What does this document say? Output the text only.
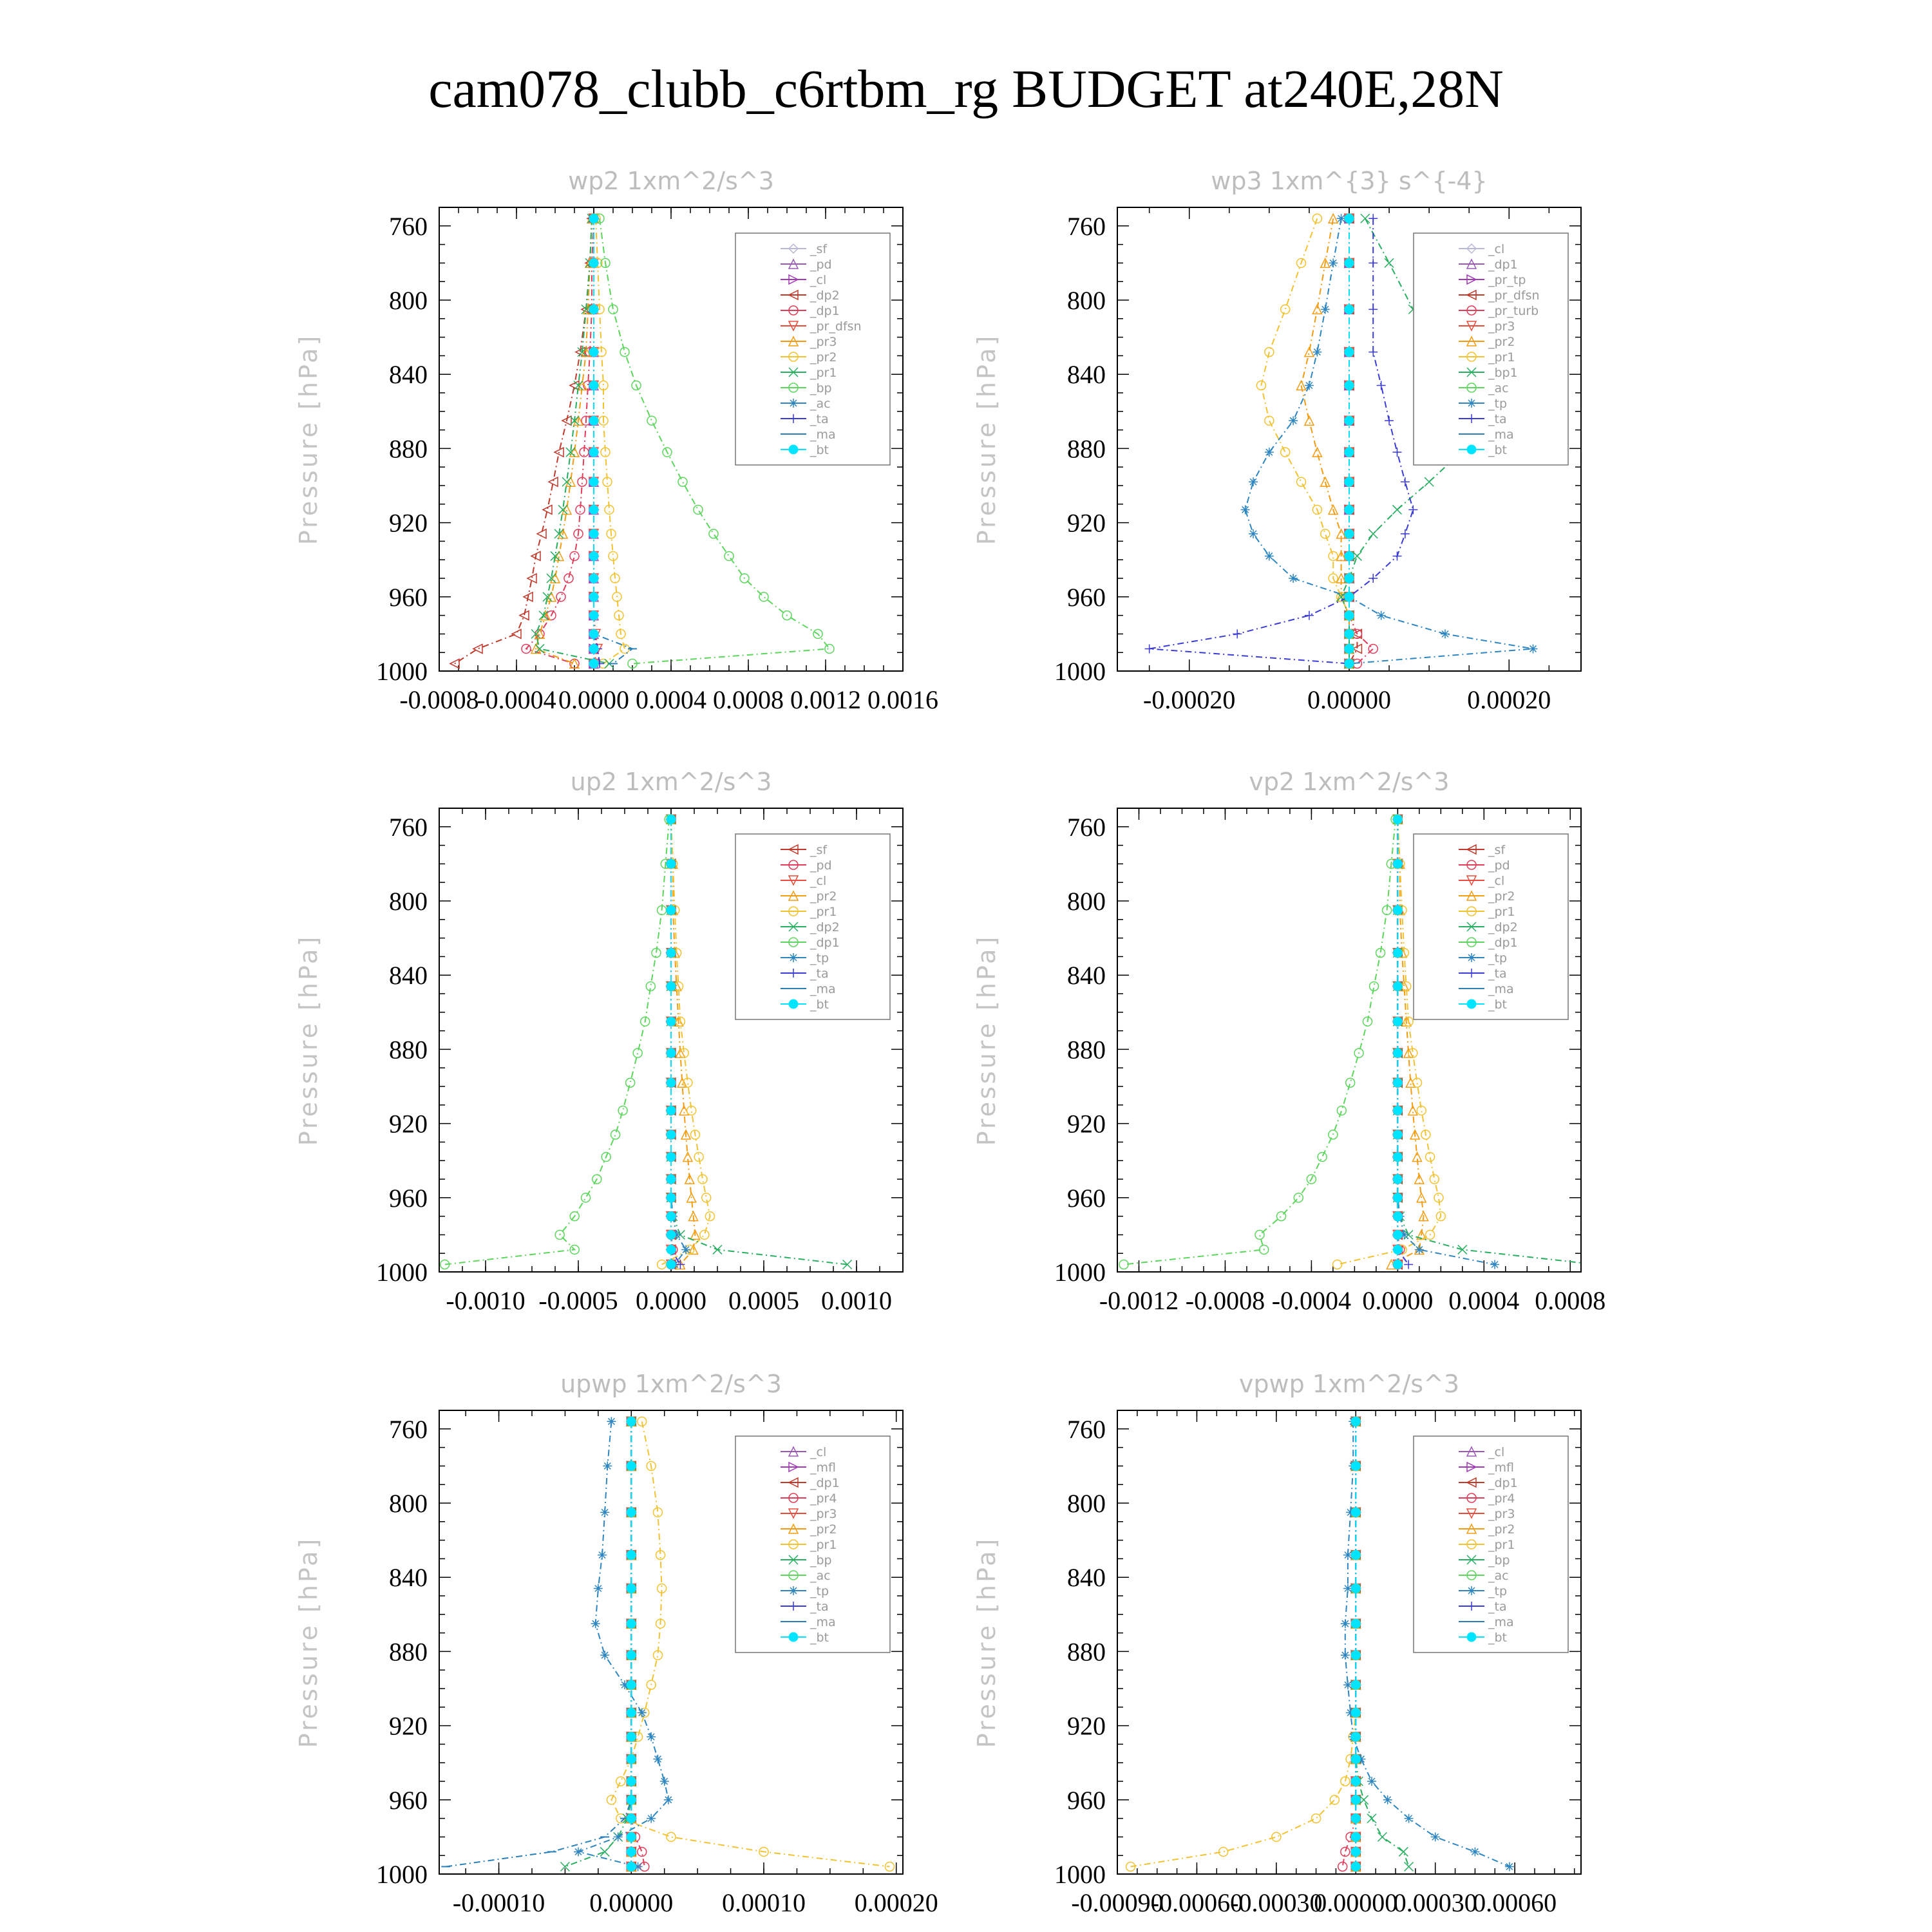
cam078_clubb_c6rtbm_rg BUDGET at240E,28N
wp2 1xm^2/s^3
Pressure [hPa]
760
800
840
880
920
960
1000
-0.0008
-0.0004 0.0000 0.0004 0.0008 0.0012 0.0016
_sf
_pd
_cl
_dp2
_dp1
_pr_dfsn
_pr3
_pr2
_pr1
_bp
_ac
_ta
_ma
_bt
wp3 1xm^{3} s^{-4}
Pressure [hPa]
760
800
840
880
920
960
1000
-0.00020	0.00000	0.00020
_cl
_dp1
_pr_tp
_pr_dfsn
_pr_turb
_pr3
_pr2
_pr1
_bp1
_ac
_tp
_ta
_ma
_bt
up2 1xm^2/s^3
Pressure [hPa]
760
800
840
880
920
960
1000
-0.0010 -0.0005 0.0000 0.0005 0.0010
_sf
_pd
_cl
_pr2
_pr1
_dp2
_dp1
_tp
_ta
_ma
_bt
vp2 1xm^2/s^3
Pressure [hPa]
760
800
840
880
920
960
1000
-0.0012 -0.0008 -0.0004 0.0000 0.0004 0.0008
_sf
_pd
_cl
_pr2
_pr1
_dp2
_dp1
_tp
_ta
_ma
_bt
upwp 1xm^2/s^3
Pressure [hPa]
760
800
840
880
920
960
1000
-0.00010 0.00000 0.00010 0.00020
_cl
_mfl
_dp1
_pr4
_pr3
_pr2
_pr1
_bp
_ac
_tp
_ta
_ma
_bt
vpwp 1xm^2/s^3
Pressure [hPa]
760
800
840
880
920
960
1000
-0.00090
-0.00060
-0.00030
0.00000
0.00030
0.00060
_cl
_mfl
_dp1
_pr4
_pr3
_pr2
_pr1
_bp
_ac
_tp
_ta
_ma
_bt
